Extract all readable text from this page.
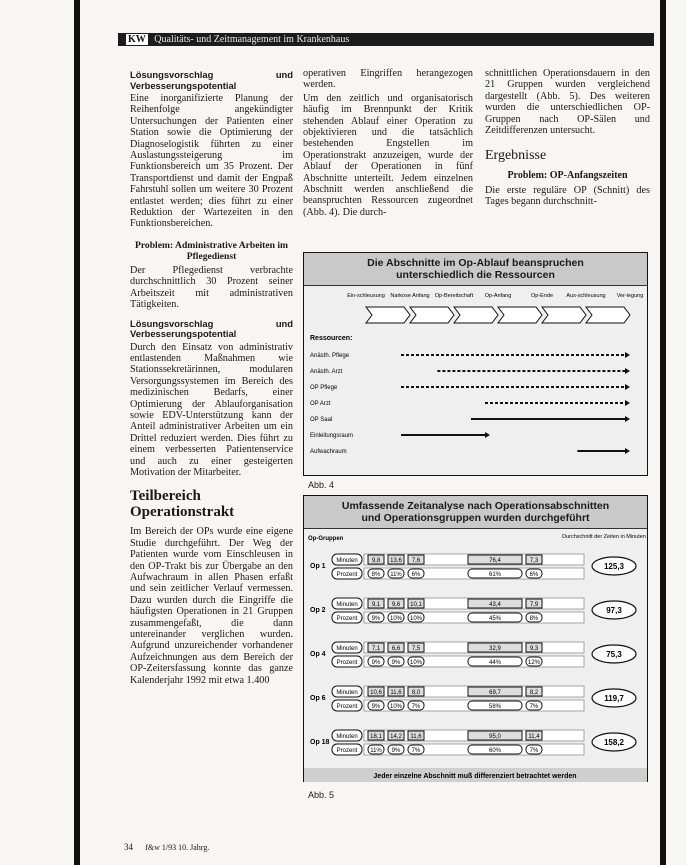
KW Qualitäts- und Zeitmanagement im Krankenhaus
Lösungsvorschlag und Verbesserungspotential

Eine inorganifizierte Planung der Reihenfolge angekündigter Untersuchungen der Patienten einer Station sowie die Optimierung der Diagnoselogistik führten zu einer Auslastungssteigerung im Funktionsbereich um 35 Prozent. Der Transportdienst und damit der Engpaß Fahrstuhl sollen um weitere 30 Prozent entlastet werden; dies führt zu einer Reduktion der Wartezeiten in den Funktionsbereichen.

Problem: Administrative Arbeiten im Pflegedienst

Der Pflegedienst verbrachte durchschnittlich 30 Prozent seiner Arbeitszeit mit administrativen Tätigkeiten.

Lösungsvorschlag und Verbesserungspotential

Durch den Einsatz von administrativ entlastenden Maßnahmen wie Stationssekretärinnen, modularen Versorgungssystemen im Bereich des medizinischen Bedarfs, einer Optimierung der Ablauforganisation sowie EDV-Unterstützung kann der Anteil administrativer Arbeiten um ein Drittel reduziert werden. Dies führt zu einem verbesserten Patientenservice und auch zu einer gesteigerten Motivation der Mitarbeiter.

Teilbereich Operationstrakt

Im Bereich der OPs wurde eine eigene Studie durchgeführt. Der Weg der Patienten wurde vom Einschleusen in den OP-Trakt bis zur Übergabe an den Aufwachraum in allen Phasen erfaßt und sein zeitlicher Verlauf vermessen. Dazu wurden durch die Eingriffe die häufigsten Operationen in 21 Gruppen zusammengefaßt, die dann untereinander verglichen wurden. Aufgrund unzureichender vorhandener Aufzeichnungen aus dem Bereich der OP-Zeitersfassung konnte das ganze Kalenderjahr 1992 mit etwa 1.400

operativen Eingriffen herangezogen werden.

Um den zeitlich und organisatorisch häufig im Brennpunkt der Kritik stehenden Ablauf einer Operation zu objektivieren und die tatsächlich bestehenden Engstellen im Operationstrakt anzuzeigen, wurde der Ablauf der Operationen in fünf Abschnitte unterteilt. Jedem einzelnen Abschnitt werden anschließend die beanspruchten Ressourcen zugeordnet (Abb. 4). Die durch-

schnittlichen Operationsdauern in den 21 Gruppen wurden vergleichend dargestellt (Abb. 5). Des weiteren wurden die unterschiedlichen OP-Gruppen nach OP-Sälen und Zeitdifferenzen untersucht.

Ergebnisse
Problem: OP-Anfangszeiten

Die erste reguläre OP (Schnitt) des Tages begann durchschnitt-

Die Abschnitte im Op-Ablauf beanspruchen
unterschiedlich die Ressourcen
Ein-schleusung Narkose Anfang Op-Bereitschaft Op-Anfang	Op-Ende Aus-schleusung Ver-legung
Ressourcen:
Anästh. Pflege
Anästh. Arzt
OP Pflege
OP Arzt
OP Saal
Einleitungsraum
Aufwachraum
Abb. 4
Umfassende Zeitanalyse nach Operationsabschnitten
und Operationsgruppen wurden durchgeführt
Op-Gruppen	Durchschnitt der Zeiten in Minuten
Op 1
Minuten
Prozent
9,8
8%
13,6
11%
7,6
6%
76,4
61%
7,3
6%
125,3
Op 2
Minuten
Prozent
9,1
9%
9,6
10%
10,1
10%
43,4
45%
7,9
8%
97,3
Op 4
Minuten
Prozent
7,1
9%
6,6
9%
7,5
10%
32,9
44%
9,3
12%
75,3
Op 6
Minuten
Prozent
10,6
9%
11,6
10%
8,0
7%
69,7
58%
8,2
7%
119,7
Op 18
Minuten
Prozent
18,1
11%
14,2
9%
11,6
7%
95,0
60%
11,4
7%
158,2
Jeder einzelne Abschnitt muß differenziert betrachtet werden
Abb. 5
34 f&w 1/93 10. Jahrg.
